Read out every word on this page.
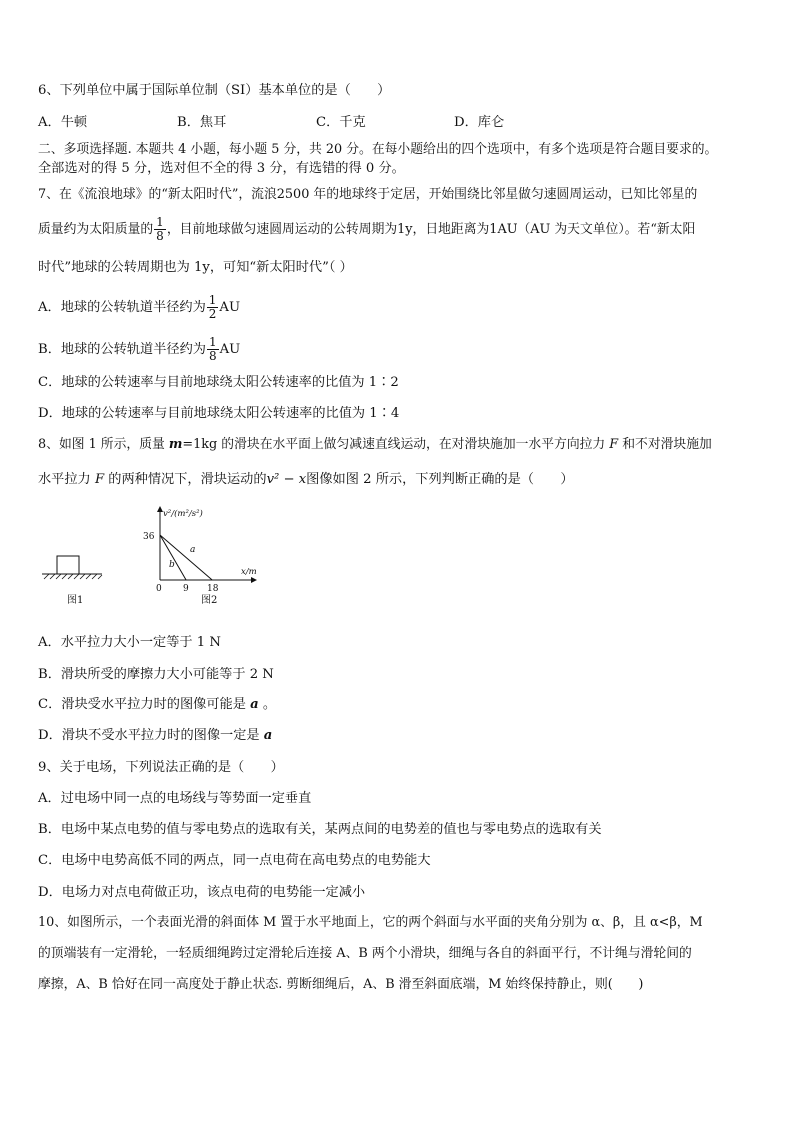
6、下列单位中属于国际单位制（SI）基本单位的是（　　）
A．牛顿	B．焦耳	C．千克	D．库仑
二、多项选择题. 本题共 4 小题，每小题 5 分，共 20 分。在每小题给出的四个选项中，有多个选项是符合题目要求的。
全部选对的得 5 分，选对但不全的得 3 分，有选错的得 0 分。
7、在《流浪地球》的“新太阳时代”，流浪2500 年的地球终于定居，开始围绕比邻星做匀速圆周运动，已知比邻星的
质量约为太阳质量的 $\frac{1}{8}$ ，目前地球做匀速圆周运动的公转周期为1y，日地距离为1AU（AU 为天文单位）。若“新太阳
时代”地球的公转周期也为 1y，可知“新太阳时代”（ ）
A．地球的公转轨道半径约为 $\frac{1}{2}$ AU
B．地球的公转轨道半径约为 $\frac{1}{8}$ AU
C．地球的公转速率与目前地球绕太阳公转速率的比值为 1∶2
D．地球的公转速率与目前地球绕太阳公转速率的比值为 1∶4
8、如图 1 所示，质量 m=1kg 的滑块在水平面上做匀减速直线运动，在对滑块施加一水平方向拉力 F 和不对滑块施加
水平拉力 F 的两种情况下，滑块运动的v² − x图像如图 2 所示，下列判断正确的是（　　）
图1
v²/(m²/s²)
x/m
36
0 9 18
a
b
图2
A．水平拉力大小一定等于 1 N
B．滑块所受的摩擦力大小可能等于 2 N
C．滑块受水平拉力时的图像可能是 a 。
D．滑块不受水平拉力时的图像一定是 a
9、关于电场，下列说法正确的是（　　）
A．过电场中同一点的电场线与等势面一定垂直
B．电场中某点电势的值与零电势点的选取有关，某两点间的电势差的值也与零电势点的选取有关
C．电场中电势高低不同的两点，同一点电荷在高电势点的电势能大
D．电场力对点电荷做正功，该点电荷的电势能一定减小
10、如图所示，一个表面光滑的斜面体 M 置于水平地面上，它的两个斜面与水平面的夹角分别为 α、β，且 α<β，M
的顶端装有一定滑轮，一轻质细绳跨过定滑轮后连接 A、B 两个小滑块，细绳与各自的斜面平行，不计绳与滑轮间的
摩擦，A、B 恰好在同一高度处于静止状态. 剪断细绳后，A、B 滑至斜面底端，M 始终保持静止，则(　　)
